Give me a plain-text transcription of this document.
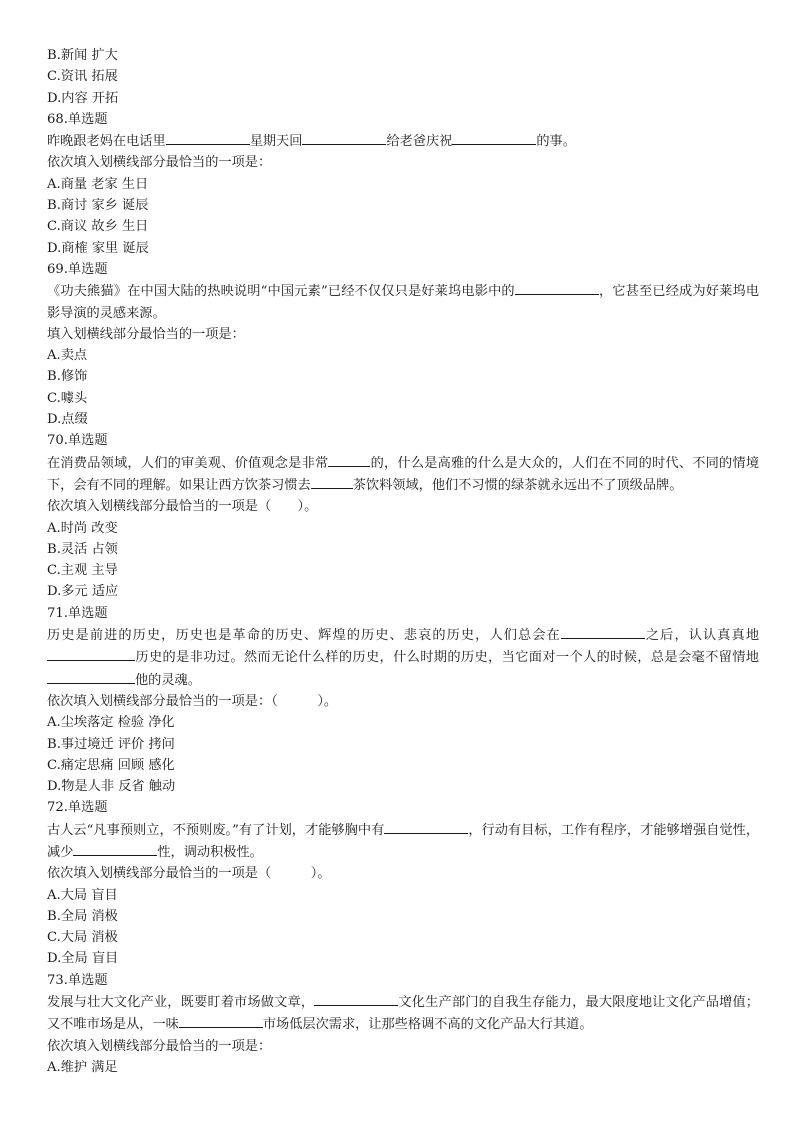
B.新闻 扩大
C.资讯 拓展
D.内容 开拓
68.单选题
昨晚跟老妈在电话里	星期天回	给老爸庆祝	的事。
依次填入划横线部分最恰当的一项是：
A.商量 老家 生日
B.商讨 家乡 诞辰
C.商议 故乡 生日
D.商榷 家里 诞辰
69.单选题
《功夫熊猫》在中国大陆的热映说明“中国元素”已经不仅仅只是好莱坞电影中的	，它甚至已经成为好莱坞电影导演的灵感来源。
填入划横线部分最恰当的一项是：
A.卖点
B.修饰
C.噱头
D.点缀
70.单选题
在消费品领域，人们的审美观、价值观念是非常	的，什么是高雅的什么是大众的，人们在不同的时代、不同的情境下，会有不同的理解。如果让西方饮茶习惯去	茶饮料领域，他们不习惯的绿茶就永远出不了顶级品牌。
依次填入划横线部分最恰当的一项是（　　）。
A.时尚 改变
B.灵活 占领
C.主观 主导
D.多元 适应
71.单选题
历史是前进的历史，历史也是革命的历史、辉煌的历史、悲哀的历史，人们总会在	之后，认认真真地历史的是非功过。然而无论什么样的历史，什么时期的历史，当它面对一个人的时候，总是会毫不留情地他的灵魂。
依次填入划横线部分最恰当的一项是：（　　　）。
A.尘埃落定 检验 净化
B.事过境迁 评价 拷问
C.痛定思痛 回顾 感化
D.物是人非 反省 触动
72.单选题
古人云“凡事预则立，不预则废。”有了计划，才能够胸中有	，行动有目标，工作有程序，才能够增强自觉性，减少	性，调动积极性。
依次填入划横线部分最恰当的一项是（　　　）。
A.大局 盲目
B.全局 消极
C.大局 消极
D.全局 盲目
73.单选题
发展与壮大文化产业，既要盯着市场做文章，	文化生产部门的自我生存能力，最大限度地让文化产品增值；又不唯市场是从，一味	市场低层次需求，让那些格调不高的文化产品大行其道。
依次填入划横线部分最恰当的一项是：
A.维护 满足
